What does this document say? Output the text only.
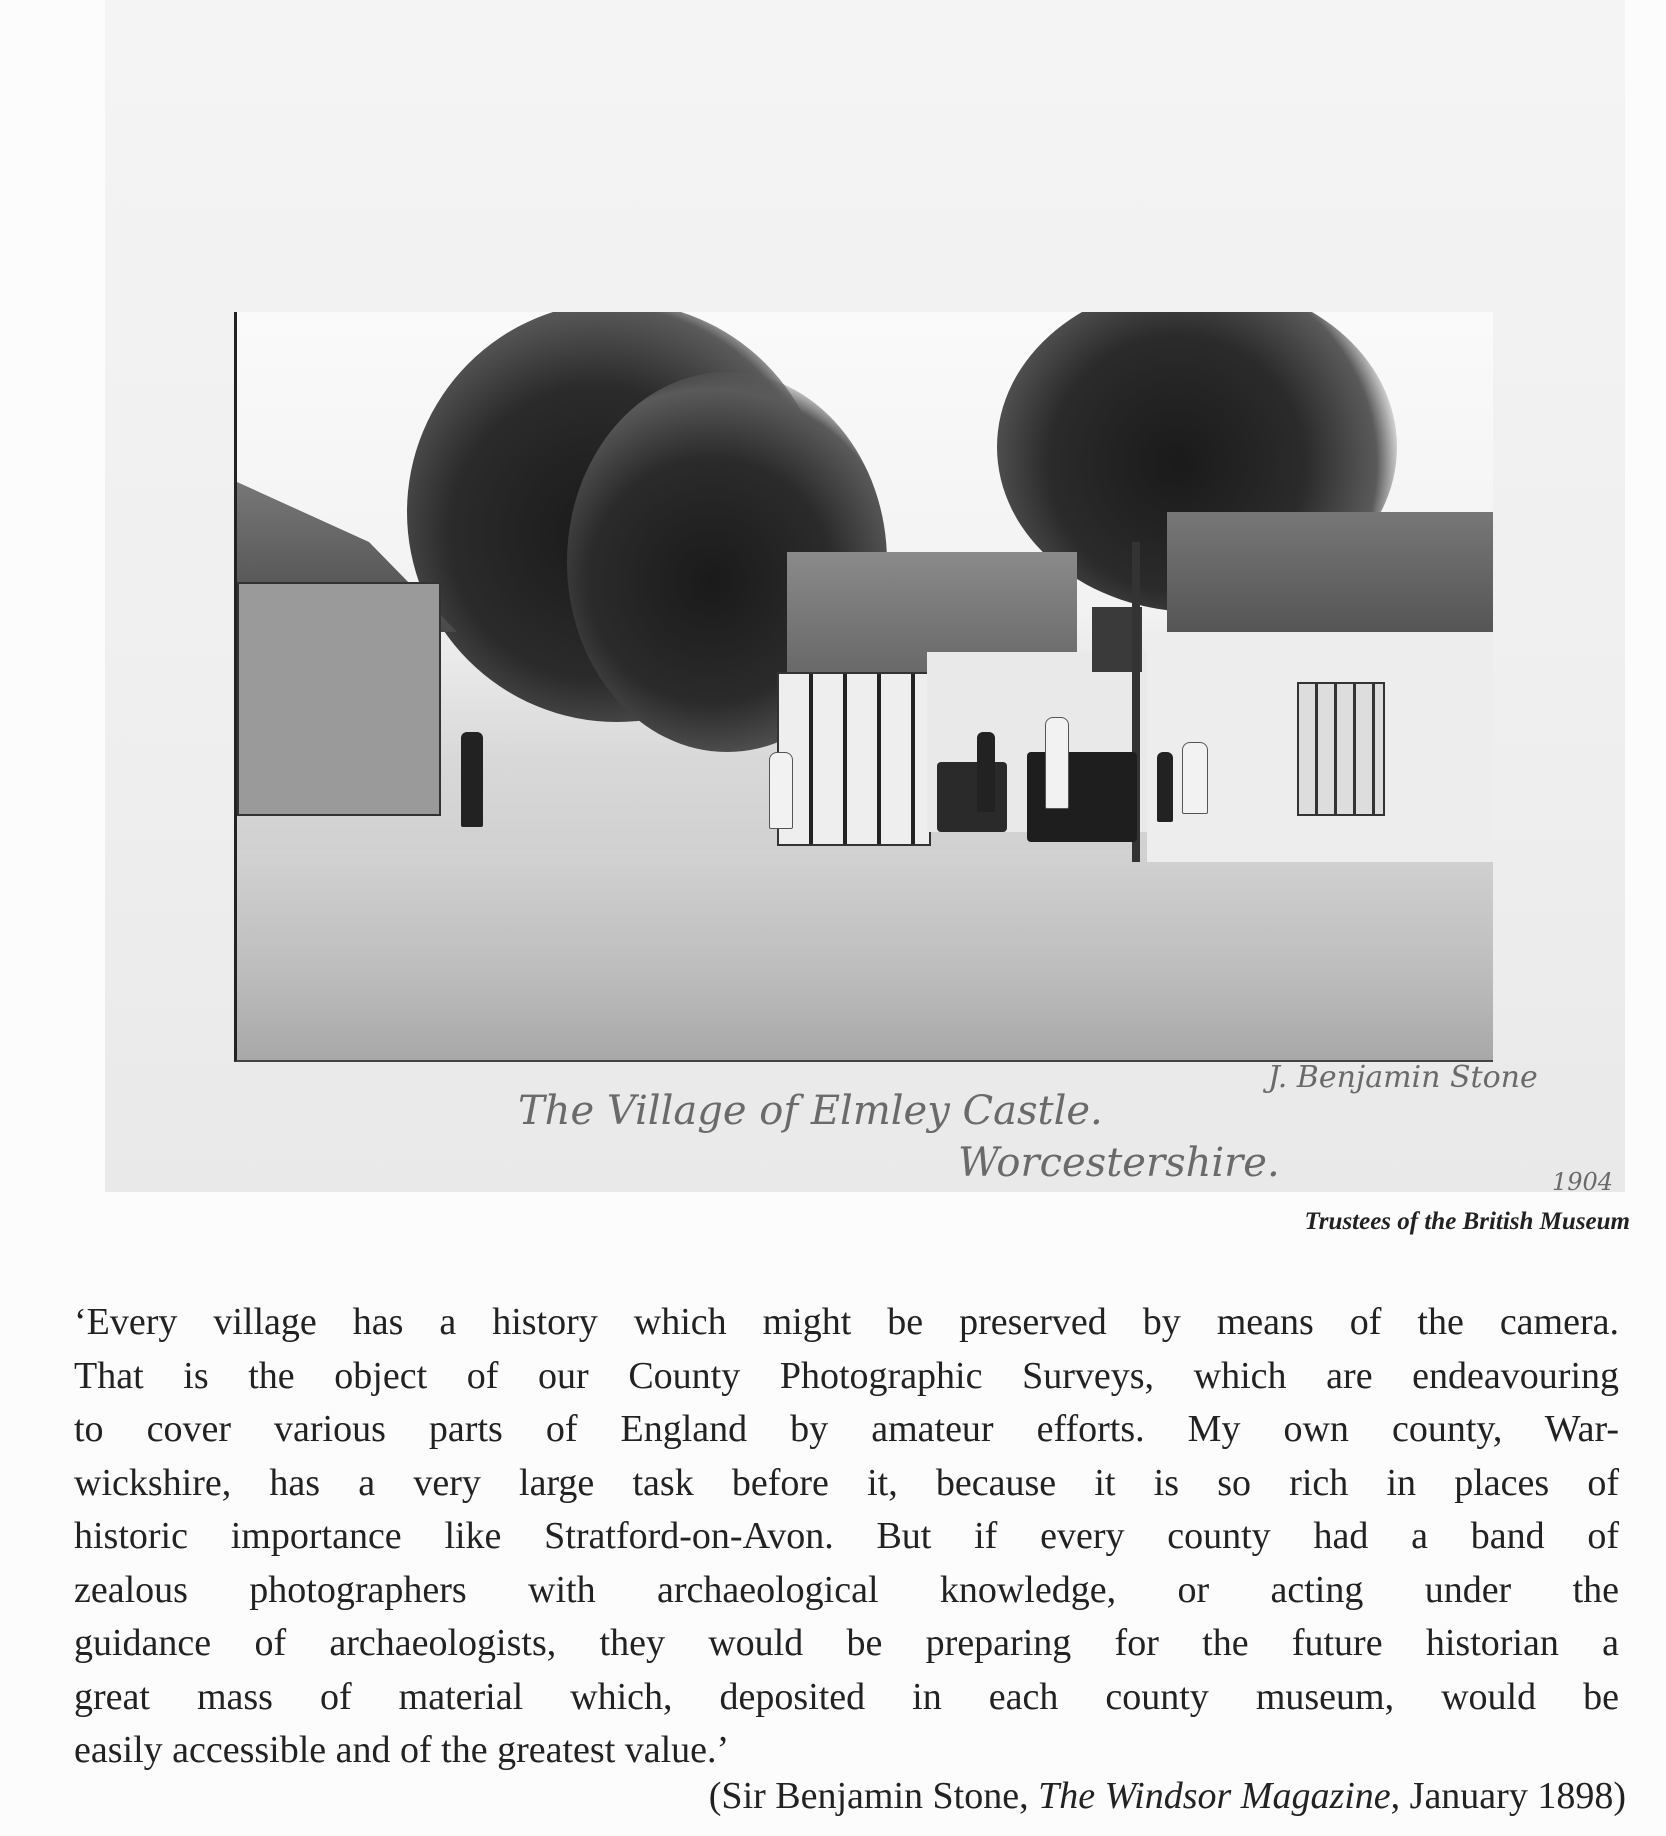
The Village of Elmley Castle.
Worcestershire.
J. Benjamin Stone
1904
Trustees of the British Museum
‘Every village has a history which might be preserved by means of the camera.
That is the object of our County Photographic Surveys, which are endeavouring
to cover various parts of England by amateur efforts. My own county, War-
wickshire, has a very large task before it, because it is so rich in places of
historic importance like Stratford-on-Avon. But if every county had a band of
zealous photographers with archaeological knowledge, or acting under the
guidance of archaeologists, they would be preparing for the future historian a
great mass of material which, deposited in each county museum, would be
easily accessible and of the greatest value.’
(Sir Benjamin Stone, The Windsor Magazine, January 1898)
